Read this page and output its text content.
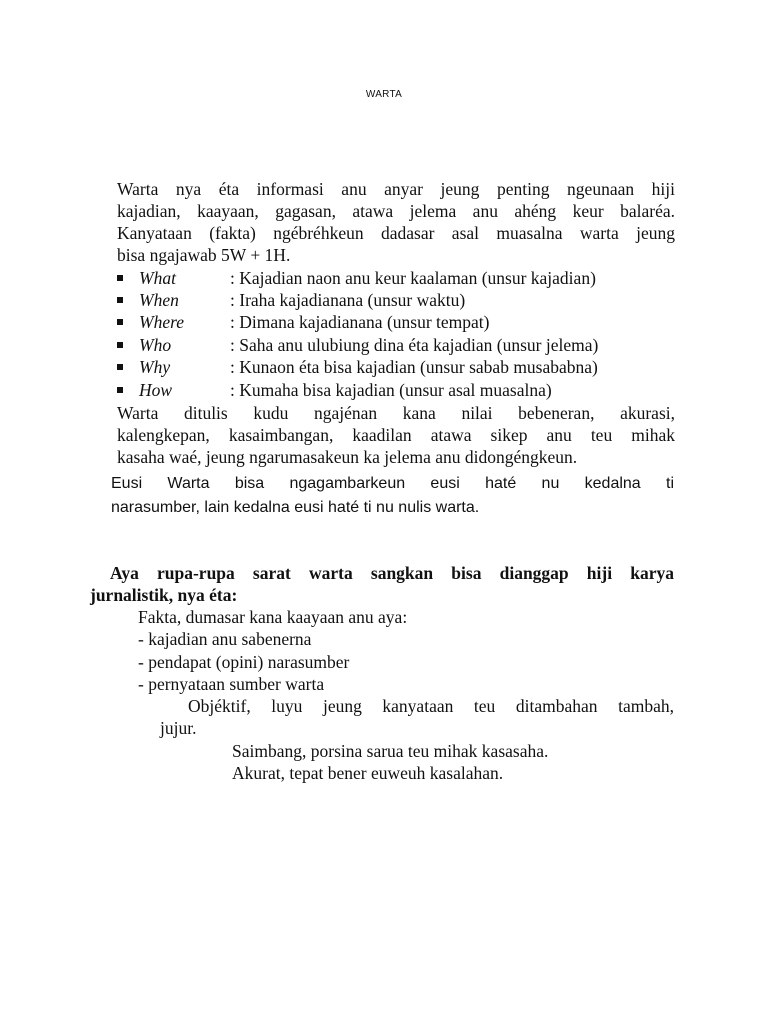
WARTA
Warta nya éta informasi anu anyar jeung penting ngeunaan hiji
kajadian, kaayaan, gagasan, atawa jelema anu ahéng keur balaréa.
Kanyataan (fakta) ngébréhkeun dadasar asal muasalna warta jeung
bisa ngajawab 5W + 1H.
What	: Kajadian naon anu keur kaalaman (unsur kajadian)
When	: Iraha kajadianana (unsur waktu)
Where	: Dimana kajadianana (unsur tempat)
Who	: Saha anu ulubiung dina éta kajadian (unsur jelema)
Why	: Kunaon éta bisa kajadian (unsur sabab musababna)
How	: Kumaha bisa kajadian (unsur asal muasalna)
Warta ditulis kudu ngajénan kana nilai bebeneran, akurasi,
kalengkepan, kasaimbangan, kaadilan atawa sikep anu teu mihak
kasaha waé, jeung ngarumasakeun ka jelema anu didongéngkeun.
Eusi Warta bisa ngagambarkeun eusi haté nu kedalna ti
narasumber, lain kedalna eusi haté ti nu nulis warta.
Aya rupa-rupa sarat warta sangkan bisa dianggap hiji karya
jurnalistik, nya éta:
Fakta, dumasar kana kaayaan anu aya:
- kajadian anu sabenerna
- pendapat (opini) narasumber
- pernyataan sumber warta
Objéktif, luyu jeung kanyataan teu ditambahan tambah,
jujur.
Saimbang, porsina sarua teu mihak kasasaha.
Akurat, tepat bener euweuh kasalahan.
